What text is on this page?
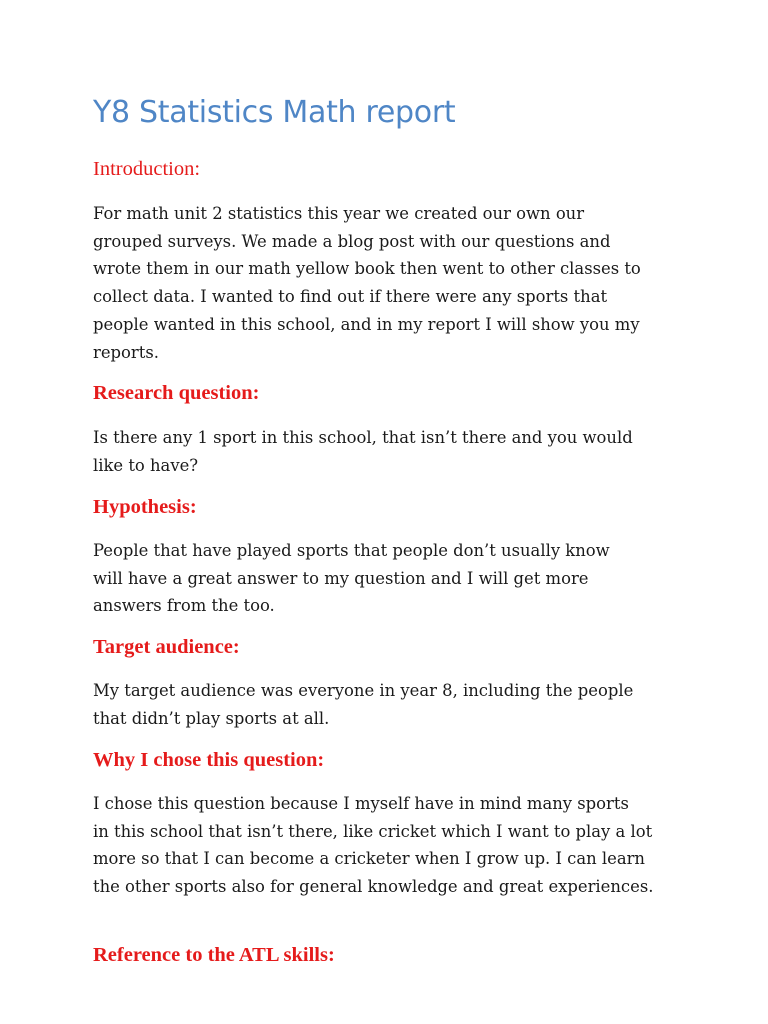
Y8 Statistics Math report
Introduction:

For math unit 2 statistics this year we created our own our
grouped surveys. We made a blog post with our questions and
wrote them in our math yellow book then went to other classes to
collect data. I wanted to find out if there were any sports that
people wanted in this school, and in my report I will show you my
reports.

Research question:

Is there any 1 sport in this school, that isn’t there and you would
like to have?

Hypothesis:

People that have played sports that people don’t usually know
will have a great answer to my question and I will get more
answers from the too.

Target audience:

My target audience was everyone in year 8, including the people
that didn’t play sports at all.

Why I chose this question:

I chose this question because I myself have in mind many sports
in this school that isn’t there, like cricket which I want to play a lot
more so that I can become a cricketer when I grow up. I can learn
the other sports also for general knowledge and great experiences.

Reference to the ATL skills:
